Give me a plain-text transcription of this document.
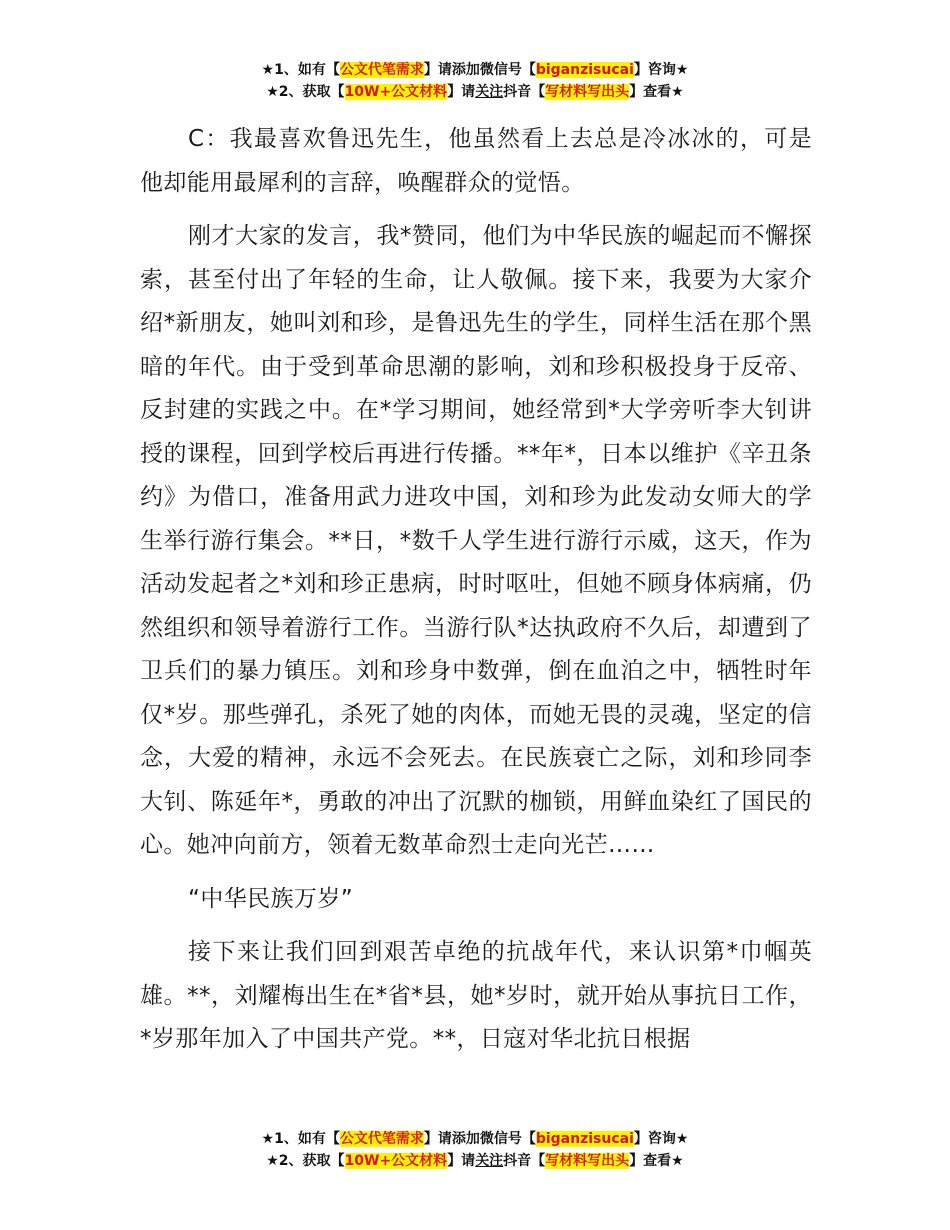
★1、如有【公文代笔需求】请添加微信号【biganzisucai】咨询★
★2、获取【10W+公文材料】请关注抖音【写材料写出头】查看★

C：我最喜欢鲁迅先生，他虽然看上去总是冷冰冰的，可是他却能用最犀利的言辞，唤醒群众的觉悟。

刚才大家的发言，我*赞同，他们为中华民族的崛起而不懈探索，甚至付出了年轻的生命，让人敬佩。接下来，我要为大家介绍*新朋友，她叫刘和珍，是鲁迅先生的学生，同样生活在那个黑暗的年代。由于受到革命思潮的影响，刘和珍积极投身于反帝、反封建的实践之中。在*学习期间，她经常到*大学旁听李大钊讲授的课程，回到学校后再进行传播。**年*，日本以维护《辛丑条约》为借口，准备用武力进攻中国，刘和珍为此发动女师大的学生举行游行集会。**日，*数千人学生进行游行示威，这天，作为活动发起者之*刘和珍正患病，时时呕吐，但她不顾身体病痛，仍然组织和领导着游行工作。当游行队*达执政府不久后，却遭到了卫兵们的暴力镇压。刘和珍身中数弹，倒在血泊之中，牺牲时年仅*岁。那些弹孔，杀死了她的肉体，而她无畏的灵魂，坚定的信念，大爱的精神，永远不会死去。在民族衰亡之际，刘和珍同李大钊、陈延年*，勇敢的冲出了沉默的枷锁，用鲜血染红了国民的心。她冲向前方，领着无数革命烈士走向光芒……

“中华民族万岁”

接下来让我们回到艰苦卓绝的抗战年代，来认识第*巾帼英雄。**，刘耀梅出生在*省*县，她*岁时，就开始从事抗日工作，*岁那年加入了中国共产党。**，日寇对华北抗日根据

★1、如有【公文代笔需求】请添加微信号【biganzisucai】咨询★
★2、获取【10W+公文材料】请关注抖音【写材料写出头】查看★
